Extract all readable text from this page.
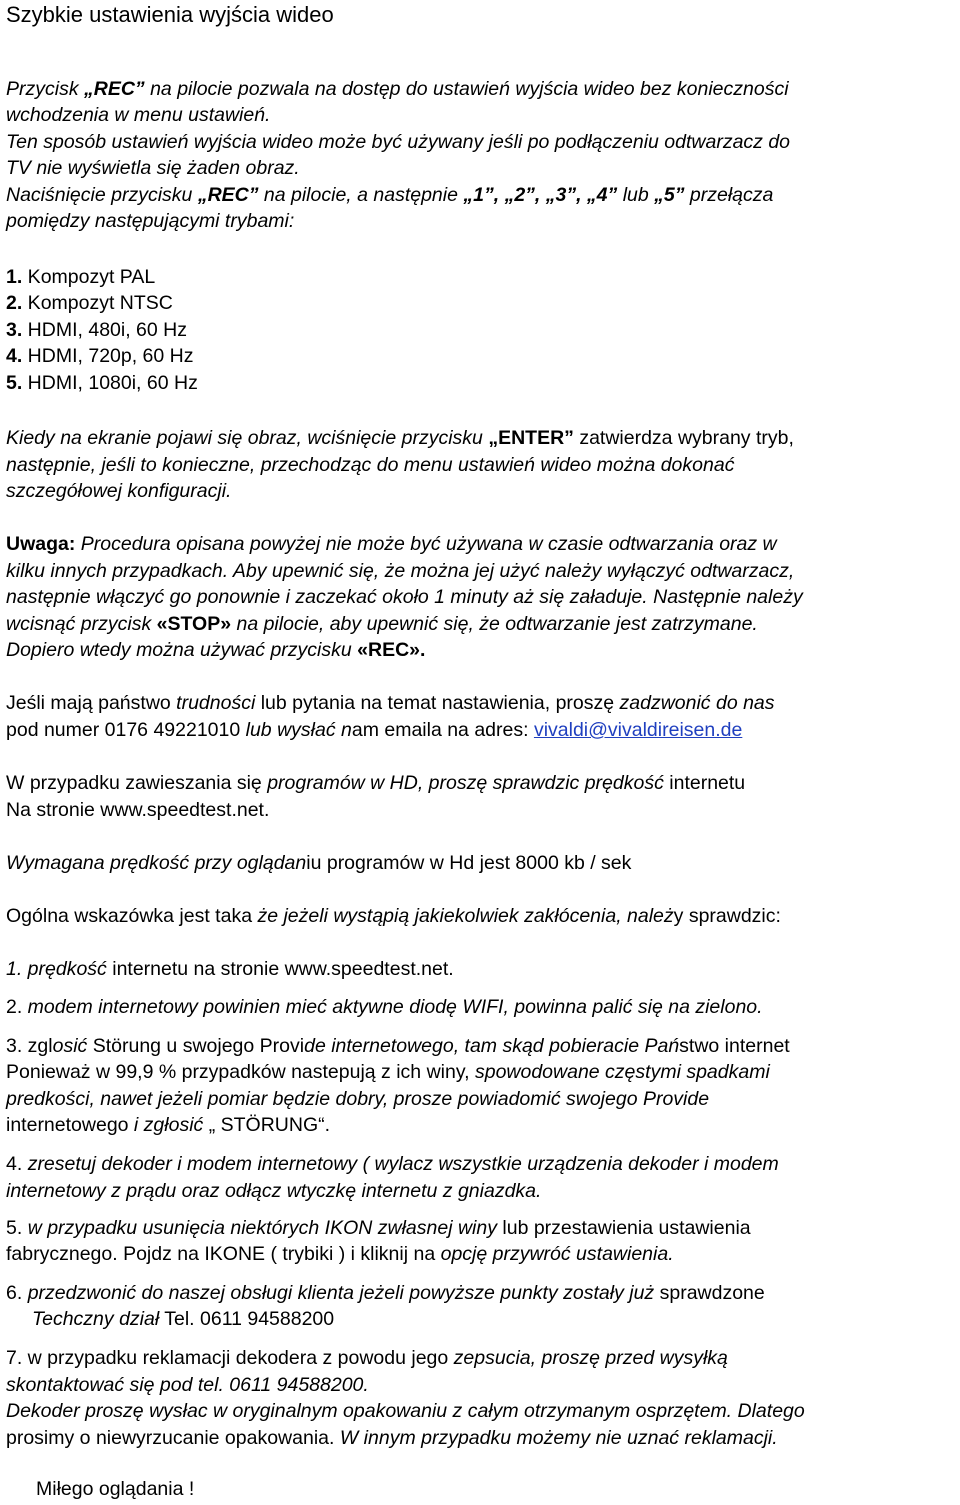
Szybkie ustawienia wyjścia wideo
Przycisk „REC” na pilocie pozwala na dostęp do ustawień wyjścia wideo bez konieczności
wchodzenia w menu ustawień.
Ten sposób ustawień wyjścia wideo może być używany jeśli po podłączeniu odtwarzacz do
TV nie wyświetla się żaden obraz.
Naciśnięcie przycisku „REC” na pilocie, a następnie „1”, „2”, „3”, „4” lub „5” przełącza
pomiędzy następującymi trybami:
1. Kompozyt PAL
2. Kompozyt NTSC
3. HDMI, 480i, 60 Hz
4. HDMI, 720p, 60 Hz
5. HDMI, 1080i, 60 Hz
Kiedy na ekranie pojawi się obraz, wciśnięcie przycisku „ENTER” zatwierdza wybrany tryb,
następnie, jeśli to konieczne, przechodząc do menu ustawień wideo można dokonać
szczegółowej konfiguracji.
Uwaga: Procedura opisana powyżej nie może być używana w czasie odtwarzania oraz w
kilku innych przypadkach. Aby upewnić się, że można jej użyć należy wyłączyć odtwarzacz,
następnie włączyć go ponownie i zaczekać około 1 minuty aż się załaduje. Następnie należy
wcisnąć przycisk «STOP» na pilocie, aby upewnić się, że odtwarzanie jest zatrzymane.
Dopiero wtedy można używać przycisku «REC».
Jeśli mają państwo trudności lub pytania na temat nastawienia, proszę zadzwonić do nas
pod numer 0176 49221010 lub wysłać nam emaila na adres: vivaldi@vivaldireisen.de
W przypadku zawieszania się programów w HD, proszę sprawdzic prędkość internetu
Na stronie www.speedtest.net.
Wymagana prędkość przy oglądaniu programów w Hd jest 8000 kb / sek
Ogólna wskazówka jest taka że jeżeli wystąpią jakiekolwiek zakłócenia, należy sprawdzic:
1. prędkość internetu na stronie www.speedtest.net.
2. modem internetowy powinien mieć aktywne diodę WIFI, powinna palić się na zielono.
3. zglosić Störung u swojego Provide internetowego, tam skąd pobieracie Państwo internet
Ponieważ w 99,9 % przypadków nastepują z ich winy, spowodowane częstymi spadkami
predkości, nawet jeżeli pomiar będzie dobry, prosze powiadomić swojego Provide
internetowego i zgłosić „ STÖRUNG“.
4. zresetuj dekoder i modem internetowy ( wylacz wszystkie urządzenia dekoder i modem
internetowy z prądu oraz odłącz wtyczkę internetu z gniazdka.
5. w przypadku usunięcia niektórych IKON zwłasnej winy lub przestawienia ustawienia
fabrycznego. Pojdz na IKONE ( trybiki ) i kliknij na opcję przywróć ustawienia.
6. przedzwonić do naszej obsługi klienta jeżeli powyższe punkty zostały już sprawdzone
Techczny dział Tel. 0611 94588200
7. w przypadku reklamacji dekodera z powodu jego zepsucia, proszę przed wysyłką
skontaktować się pod tel. 0611 94588200.
Dekoder proszę wysłac w oryginalnym opakowaniu z całym otrzymanym osprzętem. Dlatego
prosimy o niewyrzucanie opakowania. W innym przypadku możemy nie uznać reklamacji.
Miłego oglądania !
